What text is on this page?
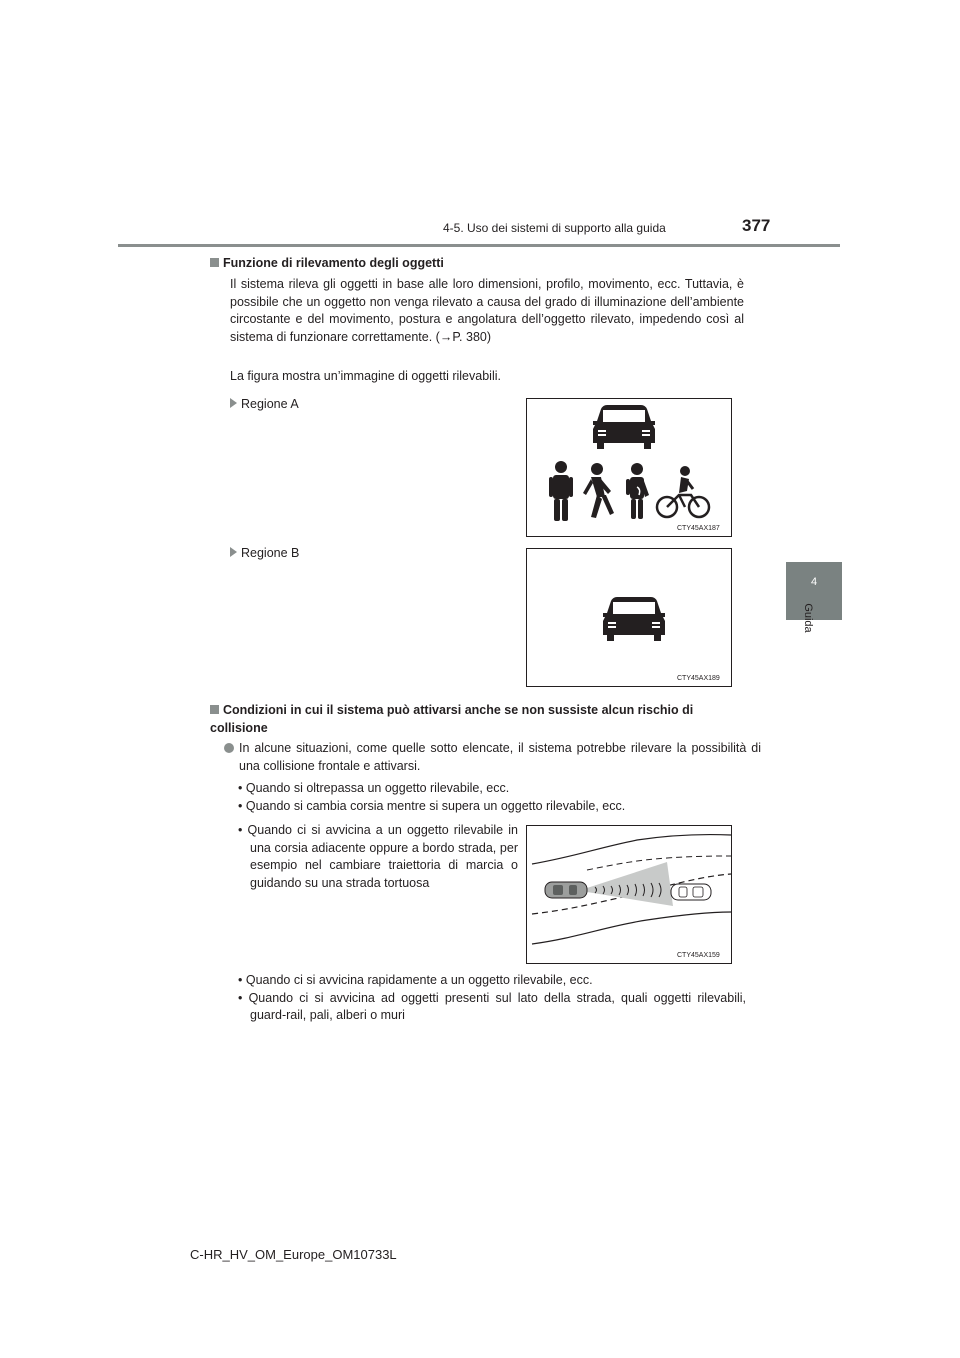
4-5. Uso dei sistemi di supporto alla guida	377
4
Guida
Funzione di rilevamento degli oggetti
Il sistema rileva gli oggetti in base alle loro dimensioni, profilo, movimento, ecc. Tuttavia, è possibile che un oggetto non venga rilevato a causa del grado di illuminazione dell’ambiente circostante e del movimento, postura e angolatura dell’oggetto rilevato, impedendo così al sistema di funzionare correttamente. (→P. 380)
La figura mostra un’immagine di oggetti rilevabili.
Regione A
CTY45AX187
Regione B
CTY45AX189
Condizioni in cui il sistema può attivarsi anche se non sussiste alcun rischio di collisione
In alcune situazioni, come quelle sotto elencate, il sistema potrebbe rilevare la possibilità di una collisione frontale e attivarsi.
• Quando si oltrepassa un oggetto rilevabile, ecc.
• Quando si cambia corsia mentre si supera un oggetto rilevabile, ecc.
• Quando ci si avvicina a un oggetto rilevabile in una corsia adiacente oppure a bordo strada, per esempio nel cambiare traiettoria di marcia o guidando su una strada tortuosa
CTY45AX159
• Quando ci si avvicina rapidamente a un oggetto rilevabile, ecc.
• Quando ci si avvicina ad oggetti presenti sul lato della strada, quali oggetti rilevabili, guard-rail, pali, alberi o muri
C-HR_HV_OM_Europe_OM10733L
